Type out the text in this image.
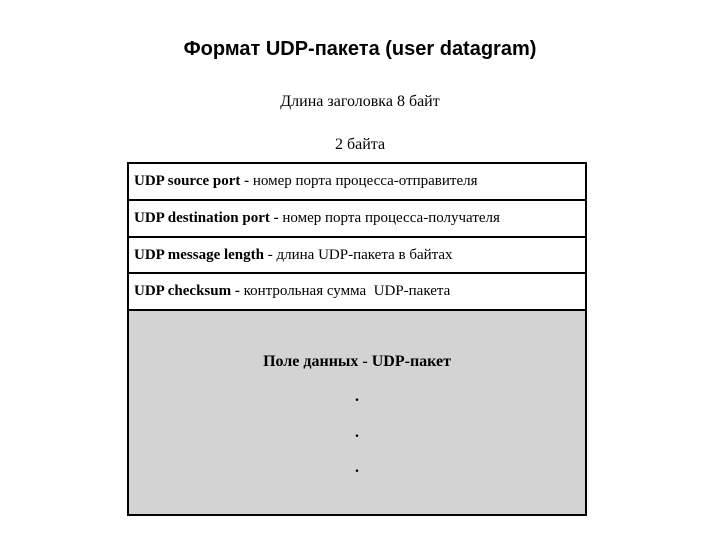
Формат UDP-пакета (user datagram)
Длина заголовка 8 байт
2 байта
UDP source port - номер порта процесса-отправителя
UDP destination port - номер порта процесса-получателя
UDP message length - длина UDP-пакета в байтах
UDP checksum - контрольная сумма  UDP-пакета
Поле данных - UDP-пакет
.
.
.
